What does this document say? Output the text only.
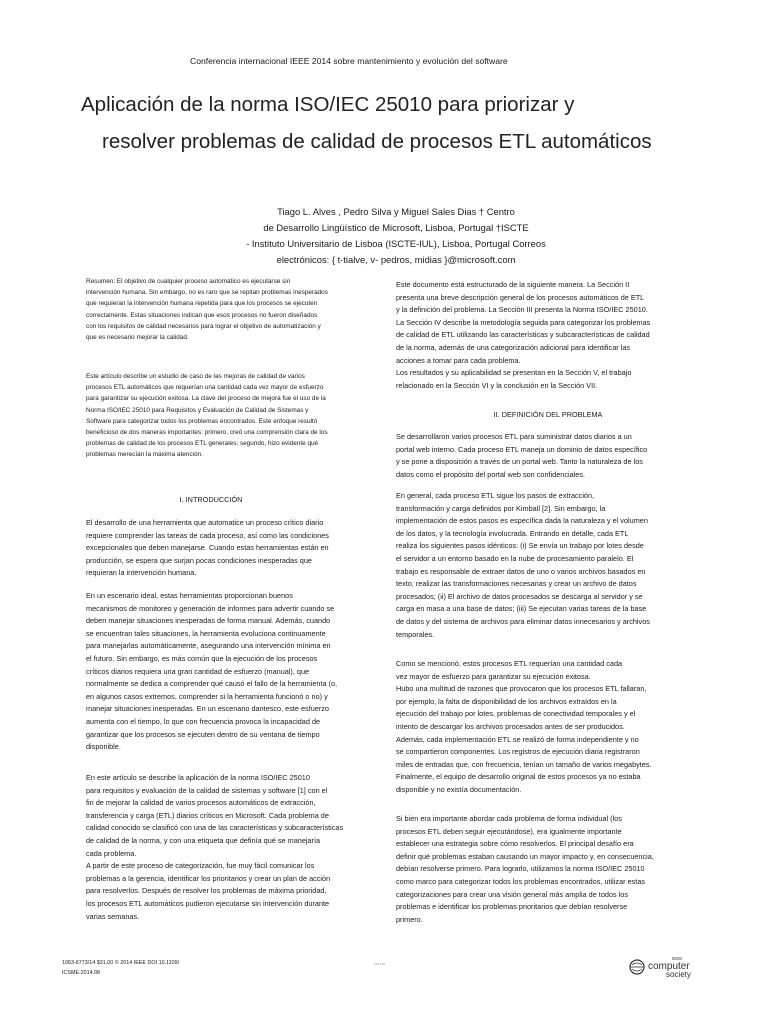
Conferencia internacional IEEE 2014 sobre mantenimiento y evolución del software
Aplicación de la norma ISO/IEC 25010 para priorizar y
resolver problemas de calidad de procesos ETL automáticos
Tiago L. Alves , Pedro Silva y Miguel Sales Dias † Centro
de Desarrollo Lingüístico de Microsoft, Lisboa, Portugal †ISCTE
- Instituto Universitario de Lisboa (ISCTE-IUL), Lisboa, Portugal Correos
electrónicos: { t-tialve, v- pedros, midias }@microsoft.com

Resumen: El objetivo de cualquier proceso automático es ejecutarse sin

intervención humana. Sin embargo, no es raro que se repitan problemas inesperados

que requieran la intervención humana repetida para que los procesos se ejecuten

correctamente. Estas situaciones indican que esos procesos no fueron diseñados

con los requisitos de calidad necesarios para lograr el objetivo de automatización y

que es necesario mejorar la calidad.

Este artículo describe un estudio de caso de las mejoras de calidad de varios

procesos ETL automáticos que requerían una cantidad cada vez mayor de esfuerzo

para garantizar su ejecución exitosa. La clave del proceso de mejora fue el uso de la

Norma ISO/IEC 25010 para Requisitos y Evaluación de Calidad de Sistemas y

Software para categorizar todos los problemas encontrados. Este enfoque resultó

beneficioso de dos maneras importantes: primero, creó una comprensión clara de los

problemas de calidad de los procesos ETL generales; segundo, hizo evidente qué

problemas merecían la máxima atención.

I. INTRODUCCIÓN

El desarrollo de una herramienta que automatice un proceso crítico diario

requiere comprender las tareas de cada proceso, así como las condiciones

excepcionales que deben manejarse. Cuando estas herramientas están en

producción, se espera que surjan pocas condiciones inesperadas que

requieran la intervención humana.

En un escenario ideal, estas herramientas proporcionan buenos

mecanismos de monitoreo y generación de informes para advertir cuando se

deben manejar situaciones inesperadas de forma manual. Además, cuando

se encuentran tales situaciones, la herramienta evoluciona continuamente

para manejarlas automáticamente, asegurando una intervención mínima en

el futuro. Sin embargo, es más común que la ejecución de los procesos

críticos diarios requiera una gran cantidad de esfuerzo (manual), que

normalmente se dedica a comprender qué causó el fallo de la herramienta (o,

en algunos casos extremos, comprender si la herramienta funcionó o no) y

manejar situaciones inesperadas. En un escenario dantesco, este esfuerzo

aumenta con el tiempo, lo que con frecuencia provoca la incapacidad de

garantizar que los procesos se ejecuten dentro de su ventana de tiempo

disponible.

En este artículo se describe la aplicación de la norma ISO/IEC 25010

para requisitos y evaluación de la calidad de sistemas y software [1] con el

fin de mejorar la calidad de varios procesos automáticos de extracción,

transferencia y carga (ETL) diarios críticos en Microsoft. Cada problema de

calidad conocido se clasificó con una de las características y subcaracterísticas

de calidad de la norma, y con una etiqueta que definía qué se manejaría

cada problema.

A partir de este proceso de categorización, fue muy fácil comunicar los

problemas a la gerencia, identificar los prioritarios y crear un plan de acción

para resolverlos. Después de resolver los problemas de máxima prioridad,

los procesos ETL automáticos pudieron ejecutarse sin intervención durante

varias semanas.

Este documento está estructurado de la siguiente manera. La Sección II

presenta una breve descripción general de los procesos automáticos de ETL

y la definición del problema. La Sección III presenta la Norma ISO/IEC 25010.

La Sección IV describe la metodología seguida para categorizar los problemas

de calidad de ETL utilizando las características y subcaracterísticas de calidad

de la norma, además de una categorización adicional para identificar las

acciones a tomar para cada problema.

Los resultados y su aplicabilidad se presentan en la Sección V, el trabajo

relacionado en la Sección VI y la conclusión en la Sección VII.

II. DEFINICIÓN DEL PROBLEMA

Se desarrollaron varios procesos ETL para suministrar datos diarios a un

portal web interno. Cada proceso ETL maneja un dominio de datos específico

y se pone a disposición a través de un portal web. Tanto la naturaleza de los

datos como el propósito del portal web son confidenciales.

En general, cada proceso ETL sigue los pasos de extracción,

transformación y carga definidos por Kimball [2]. Sin embargo, la

implementación de estos pasos es específica dada la naturaleza y el volumen

de los datos, y la tecnología involucrada. Entrando en detalle, cada ETL

realiza los siguientes pasos idénticos: (i) Se envía un trabajo por lotes desde

el servidor a un entorno basado en la nube de procesamiento paralelo. El

trabajo es responsable de extraer datos de uno o varios archivos basados en

texto, realizar las transformaciones necesarias y crear un archivo de datos

procesados; (ii) El archivo de datos procesados se descarga al servidor y se

carga en masa a una base de datos; (iii) Se ejecutan varias tareas de la base

de datos y del sistema de archivos para eliminar datos innecesarios y archivos

temporales.

Como se mencionó, estos procesos ETL requerían una cantidad cada

vez mayor de esfuerzo para garantizar su ejecución exitosa.

Hubo una multitud de razones que provocaron que los procesos ETL fallaran,

por ejemplo, la falta de disponibilidad de los archivos extraídos en la

ejecución del trabajo por lotes, problemas de conectividad temporales y el

intento de descargar los archivos procesados antes de ser producidos.

Además, cada implementación ETL se realizó de forma independiente y no

se compartieron componentes. Los registros de ejecución diaria registraron

miles de entradas que, con frecuencia, tenían un tamaño de varios megabytes.

Finalmente, el equipo de desarrollo original de estos procesos ya no estaba

disponible y no existía documentación.

Si bien era importante abordar cada problema de forma individual (los

procesos ETL deben seguir ejecutándose), era igualmente importante

establecer una estrategia sobre cómo resolverlos. El principal desafío era

definir qué problemas estaban causando un mayor impacto y, en consecuencia,

debían resolverse primero. Para lograrlo, utilizamos la norma ISO/IEC 25010

como marco para categorizar todos los problemas encontrados, utilizar estas

categorizaciones para crear una visión general más amplia de todos los

problemas e identificar los problemas prioritarios que debían resolverse

primero.

1063-6773/14 $31,00 © 2014 IEEE DOI 10.1109/
ICSME.2014.98
373 373
IEEE
computer
society
